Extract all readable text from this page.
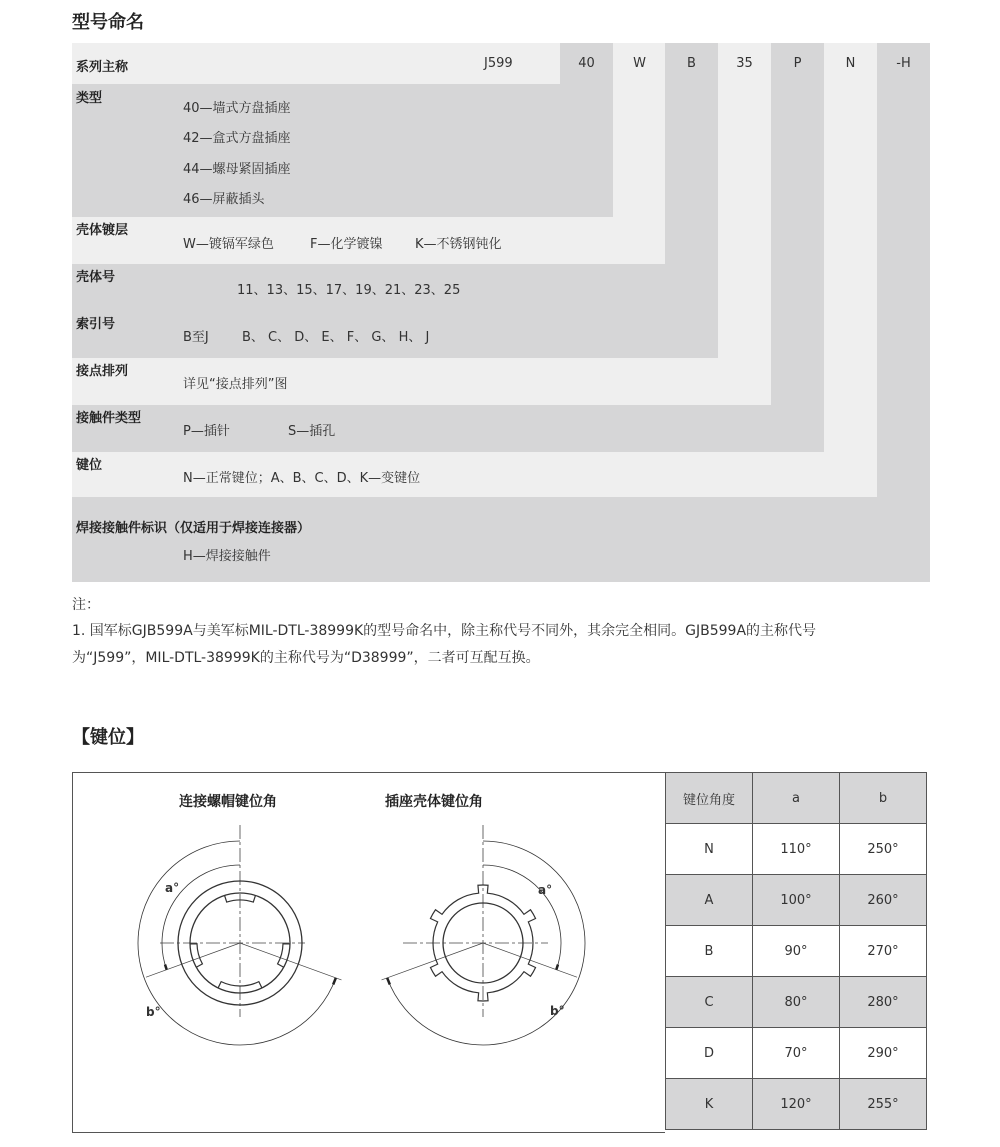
型号命名
系列主称	J599	40	W	B	35	P	N	-H
类型
40—墙式方盘插座
42—盒式方盘插座
44—螺母紧固插座
46—屏蔽插头
壳体镀层
W—镀镉军绿色	F—化学镀镍	K—不锈钢钝化
壳体号
11、13、15、17、19、21、23、25
索引号
B至J	B、 C、 D、 E、 F、 G、 H、 J
接点排列
详见“接点排列”图
接触件类型
P—插针	S—插孔
键位
N—正常键位；A、B、C、D、K—变键位
焊接接触件标识（仅适用于焊接连接器）
H—焊接接触件
注：
1. 国军标GJB599A与美军标MIL-DTL-38999K的型号命名中，除主称代号不同外，其余完全相同。GJB599A的主称代号
为“J599”，MIL-DTL-38999K的主称代号为“D38999”，二者可互配互换。
【键位】
连接螺帽键位角	插座壳体键位角
a°
b°
a°
b°
键位角度	a	b
N	110°	250°
A	100°	260°
B	90°	270°
C	80°	280°
D	70°	290°
K	120°	255°
